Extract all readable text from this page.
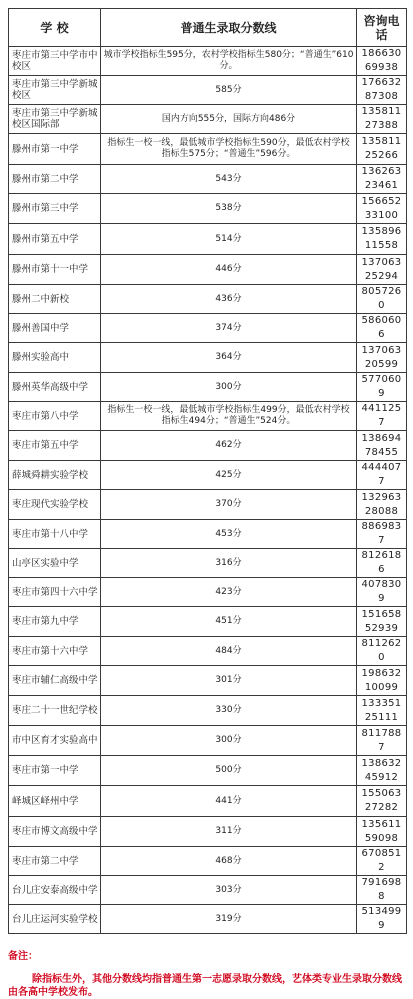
学 校	普通生录取分数线	咨询电话
枣庄市第三中学市中校区	城市学校指标生595分，农村学校指标生580分；“普通生”610分。	18663069938
枣庄市第三中学新城校区	585分	17663287308
枣庄市第三中学新城校区国际部	国内方向555分，国际方向486分	13581127388
滕州市第一中学	指标生一校一线，最低城市学校指标生590分，最低农村学校指标生575分；“普通生”596分。	13581125266
滕州市第二中学	543分	13626323461
滕州市第三中学	538分	15665233100
滕州市第五中学	514分	13589611558
滕州市第十一中学	446分	13706325294
滕州二中新校	436分	8057260
滕州善国中学	374分	5860606
滕州实验高中	364分	13706320599
滕州英华高级中学	300分	5770609
枣庄市第八中学	指标生一校一线，最低城市学校指标生499分，最低农村学校指标生494分；“普通生”524分。	4411257
枣庄市第五中学	462分	13869478455
薛城舜耕实验学校	425分	4444077
枣庄现代实验学校	370分	13296328088
枣庄市第十八中学	453分	8869837
山亭区实验中学	316分	8126186
枣庄市第四十六中学	423分	4078309
枣庄市第九中学	451分	15165852939
枣庄市第十六中学	484分	8112620
枣庄市辅仁高级中学	301分	19863210099
枣庄二十一世纪学校	330分	13335125111
市中区育才实验高中	300分	8117887
枣庄市第一中学	500分	13863245912
峄城区峄州中学	441分	15506327282
枣庄市博文高级中学	311分	13561159098
枣庄市第二中学	468分	6708512
台儿庄安泰高级中学	303分	7916988
台儿庄运河实验学校	319分	5134999
备注：
除指标生外，其他分数线均指普通生第一志愿录取分数线，艺体类专业生录取分数线由各高中学校发布。
